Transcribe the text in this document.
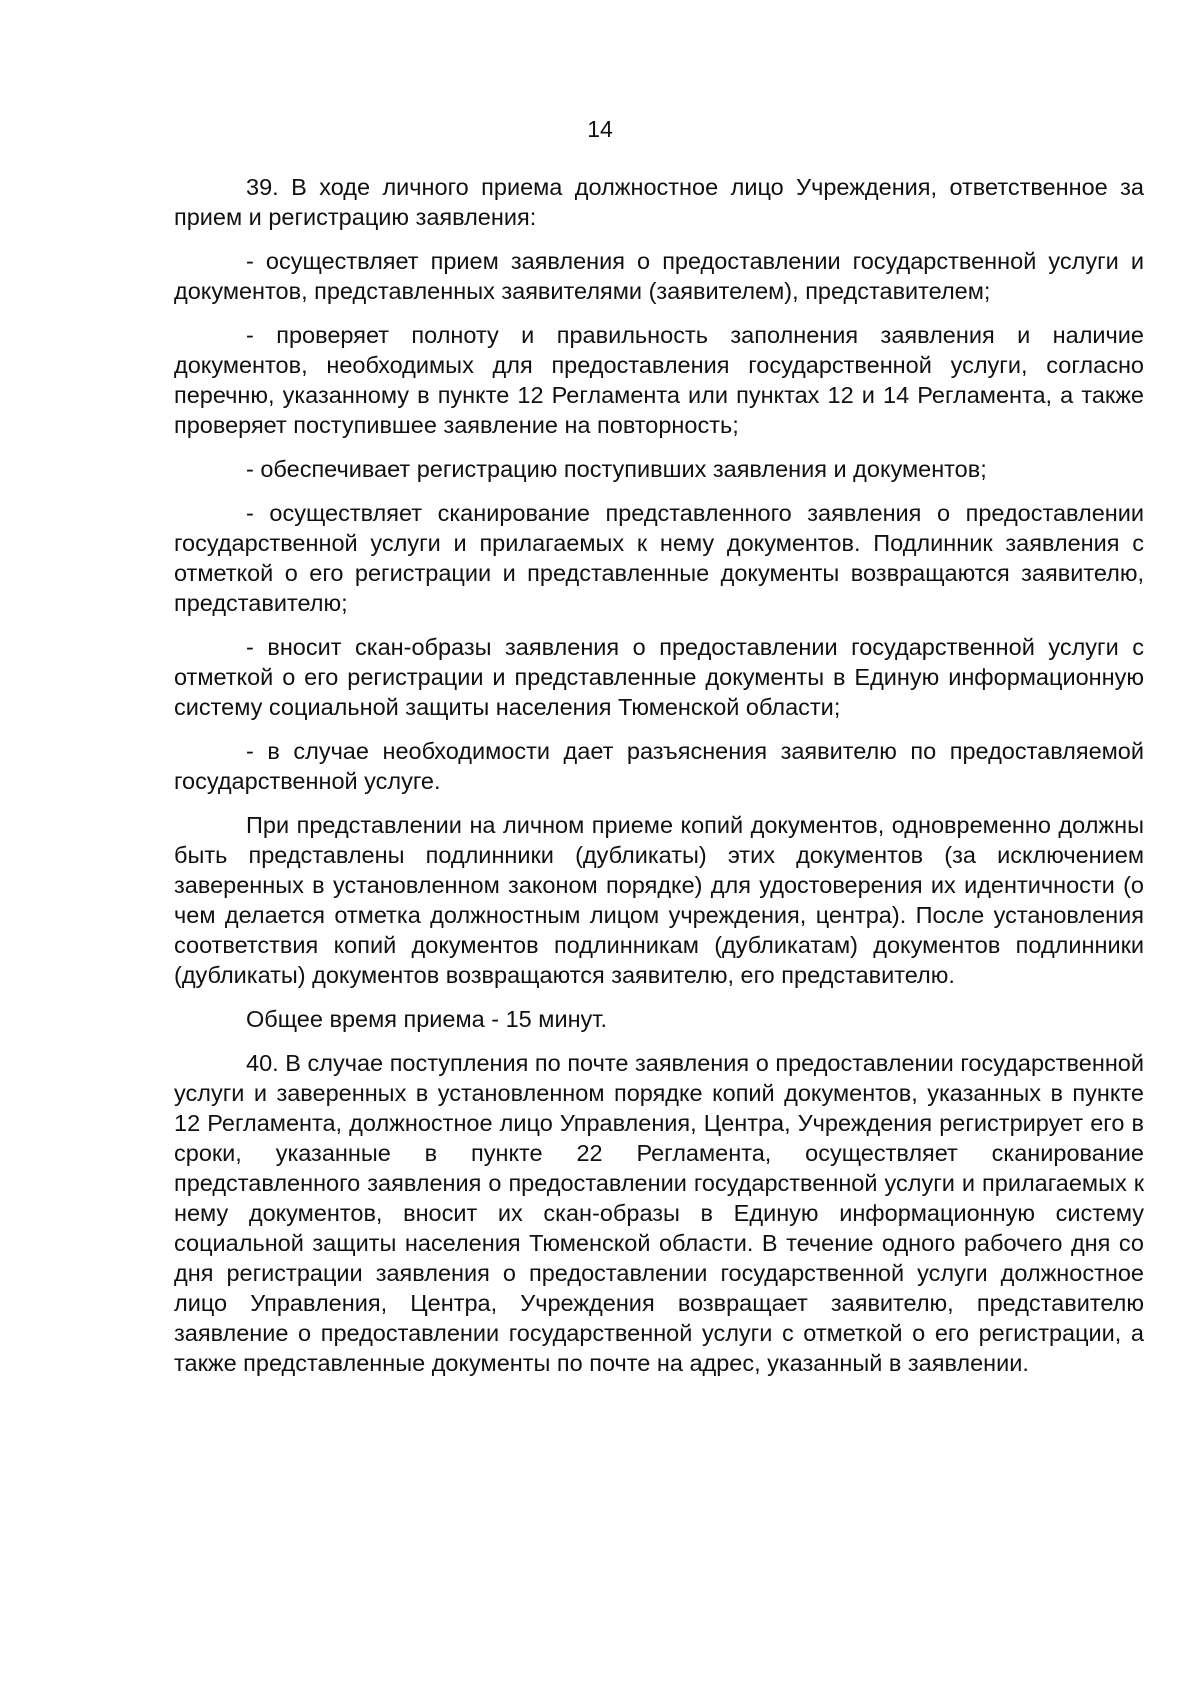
14

39. В ходе личного приема должностное лицо Учреждения, ответственное за прием и регистрацию заявления:

- осуществляет прием заявления о предоставлении государственной услуги и документов, представленных заявителями (заявителем), представителем;

- проверяет полноту и правильность заполнения заявления и наличие документов, необходимых для предоставления государственной услуги, согласно перечню, указанному в пункте 12 Регламента или пунктах 12 и 14 Регламента, а также проверяет поступившее заявление на повторность;

- обеспечивает регистрацию поступивших заявления и документов;

- осуществляет сканирование представленного заявления о предоставлении государственной услуги и прилагаемых к нему документов. Подлинник заявления с отметкой о его регистрации и представленные документы возвращаются заявителю, представителю;

- вносит скан-образы заявления о предоставлении государственной услуги с отметкой о его регистрации и представленные документы в Единую информационную систему социальной защиты населения Тюменской области;

- в случае необходимости дает разъяснения заявителю по предоставляемой государственной услуге.

При представлении на личном приеме копий документов, одновременно должны быть представлены подлинники (дубликаты) этих документов (за исключением заверенных в установленном законом порядке) для удостоверения их идентичности (о чем делается отметка должностным лицом учреждения, центра). После установления соответствия копий документов подлинникам (дубликатам) документов подлинники (дубликаты) документов возвращаются заявителю, его представителю.

Общее время приема - 15 минут.

40. В случае поступления по почте заявления о предоставлении государственной услуги и заверенных в установленном порядке копий документов, указанных в пункте 12 Регламента, должностное лицо Управления, Центра, Учреждения регистрирует его в сроки, указанные в пункте 22 Регламента, осуществляет сканирование представленного заявления о предоставлении государственной услуги и прилагаемых к нему документов, вносит их скан-образы в Единую информационную систему социальной защиты населения Тюменской области. В течение одного рабочего дня со дня регистрации заявления о предоставлении государственной услуги должностное лицо Управления, Центра, Учреждения возвращает заявителю, представителю заявление о предоставлении государственной услуги с отметкой о его регистрации, а также представленные документы по почте на адрес, указанный в заявлении.
